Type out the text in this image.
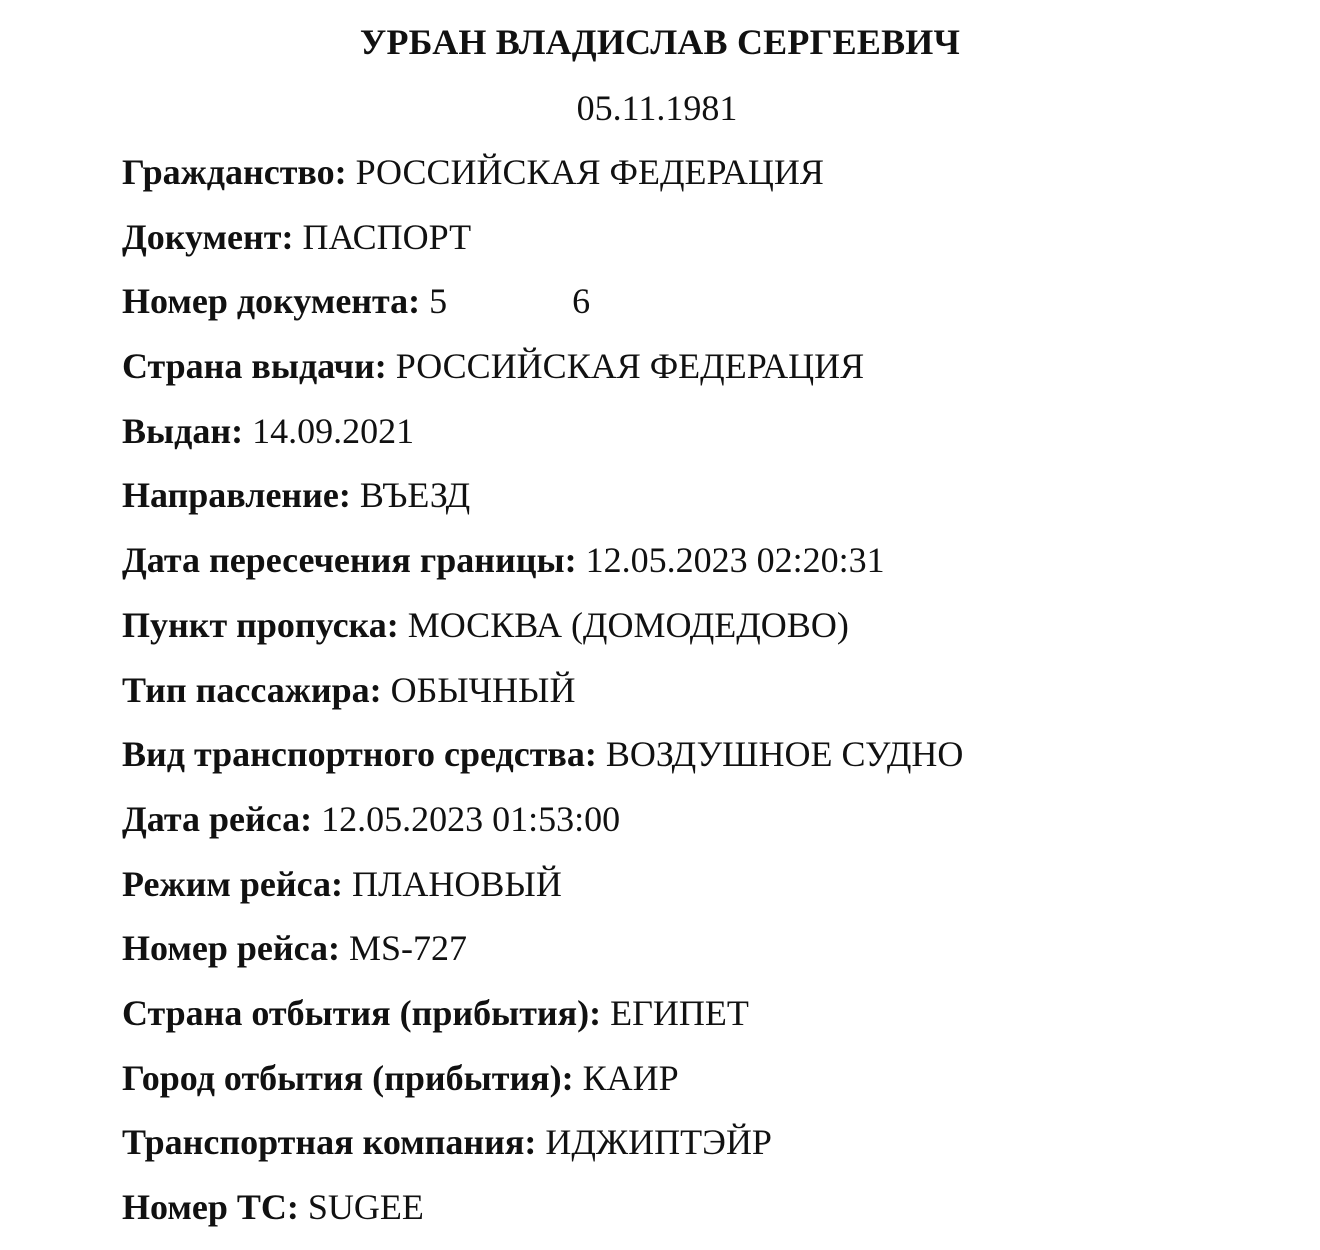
УРБАН ВЛАДИСЛАВ СЕРГЕЕВИЧ
05.11.1981
Гражданство: РОССИЙСКАЯ ФЕДЕРАЦИЯ
Документ: ПАСПОРТ
Номер документа: 5	6
Страна выдачи: РОССИЙСКАЯ ФЕДЕРАЦИЯ
Выдан: 14.09.2021
Направление: ВЪЕЗД
Дата пересечения границы: 12.05.2023 02:20:31
Пункт пропуска: МОСКВА (ДОМОДЕДОВО)
Тип пассажира: ОБЫЧНЫЙ
Вид транспортного средства: ВОЗДУШНОЕ СУДНО
Дата рейса: 12.05.2023 01:53:00
Режим рейса: ПЛАНОВЫЙ
Номер рейса: MS-727
Страна отбытия (прибытия): ЕГИПЕТ
Город отбытия (прибытия): КАИР
Транспортная компания: ИДЖИПТЭЙР
Номер ТС: SUGEE
